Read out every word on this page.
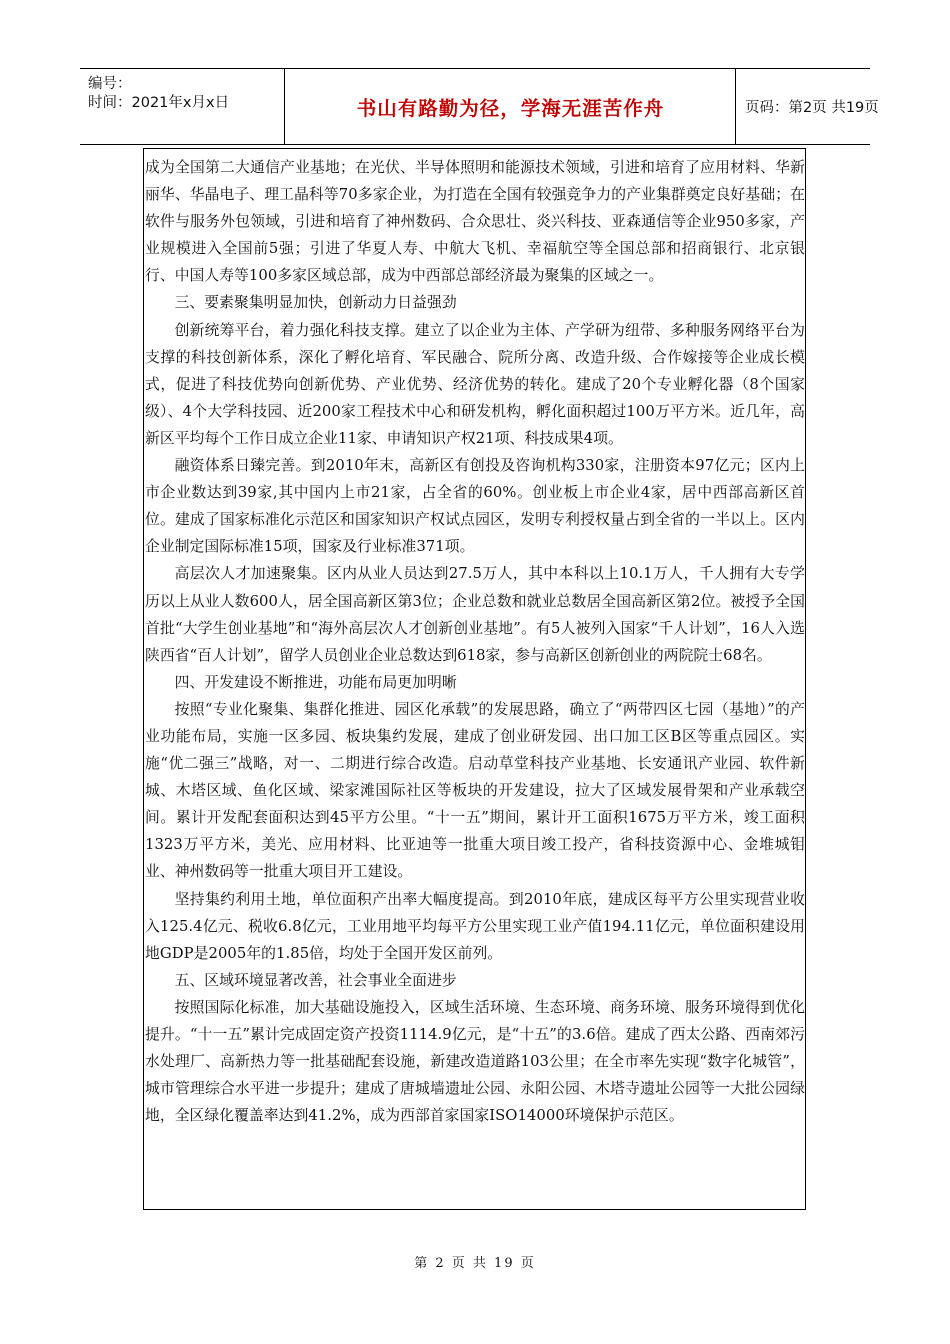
编号：
时间：2021年x月x日	书山有路勤为径，学海无涯苦作舟	页码：第2页 共19页

成为全国第二大通信产业基地；在光伏、半导体照明和能源技术领域，引进和培育了应用材料、华新丽华、华晶电子、理工晶科等70多家企业，为打造在全国有较强竞争力的产业集群奠定良好基础；在软件与服务外包领域，引进和培育了神州数码、合众思壮、炎兴科技、亚森通信等企业950多家，产业规模进入全国前5强；引进了华夏人寿、中航大飞机、幸福航空等全国总部和招商银行、北京银行、中国人寿等100多家区域总部，成为中西部总部经济最为聚集的区域之一。

三、要素聚集明显加快，创新动力日益强劲

创新统筹平台，着力强化科技支撑。建立了以企业为主体、产学研为纽带、多种服务网络平台为支撑的科技创新体系，深化了孵化培育、军民融合、院所分离、改造升级、合作嫁接等企业成长模式，促进了科技优势向创新优势、产业优势、经济优势的转化。建成了20个专业孵化器（8个国家级）、4个大学科技园、近200家工程技术中心和研发机构，孵化面积超过100万平方米。近几年，高新区平均每个工作日成立企业11家、申请知识产权21项、科技成果4项。

融资体系日臻完善。到2010年末，高新区有创投及咨询机构330家，注册资本97亿元；区内上市企业数达到39家,其中国内上市21家，占全省的60%。创业板上市企业4家，居中西部高新区首位。建成了国家标准化示范区和国家知识产权试点园区，发明专利授权量占到全省的一半以上。区内企业制定国际标准15项，国家及行业标准371项。

高层次人才加速聚集。区内从业人员达到27.5万人，其中本科以上10.1万人，千人拥有大专学历以上从业人数600人，居全国高新区第3位；企业总数和就业总数居全国高新区第2位。被授予全国首批“大学生创业基地”和“海外高层次人才创新创业基地”。有5人被列入国家“千人计划”，16人入选陕西省“百人计划”，留学人员创业企业总数达到618家，参与高新区创新创业的两院院士68名。

四、开发建设不断推进，功能布局更加明晰

按照“专业化聚集、集群化推进、园区化承载”的发展思路，确立了“两带四区七园（基地）”的产业功能布局，实施一区多园、板块集约发展，建成了创业研发园、出口加工区B区等重点园区。实施“优二强三”战略，对一、二期进行综合改造。启动草堂科技产业基地、长安通讯产业园、软件新城、木塔区域、鱼化区域、梁家滩国际社区等板块的开发建设，拉大了区域发展骨架和产业承载空间。累计开发配套面积达到45平方公里。“十一五”期间，累计开工面积1675万平方米，竣工面积1323万平方米，美光、应用材料、比亚迪等一批重大项目竣工投产，省科技资源中心、金堆城钼业、神州数码等一批重大项目开工建设。

坚持集约利用土地，单位面积产出率大幅度提高。到2010年底，建成区每平方公里实现营业收入125.4亿元、税收6.8亿元，工业用地平均每平方公里实现工业产值194.11亿元，单位面积建设用地GDP是2005年的1.85倍，均处于全国开发区前列。

五、区域环境显著改善，社会事业全面进步

按照国际化标准，加大基础设施投入，区域生活环境、生态环境、商务环境、服务环境得到优化提升。“十一五”累计完成固定资产投资1114.9亿元，是“十五”的3.6倍。建成了西太公路、西南郊污水处理厂、高新热力等一批基础配套设施，新建改造道路103公里；在全市率先实现“数字化城管”，城市管理综合水平进一步提升；建成了唐城墙遗址公园、永阳公园、木塔寺遗址公园等一大批公园绿地，全区绿化覆盖率达到41.2%，成为西部首家国家ISO14000环境保护示范区。

第 2 页 共 19 页
